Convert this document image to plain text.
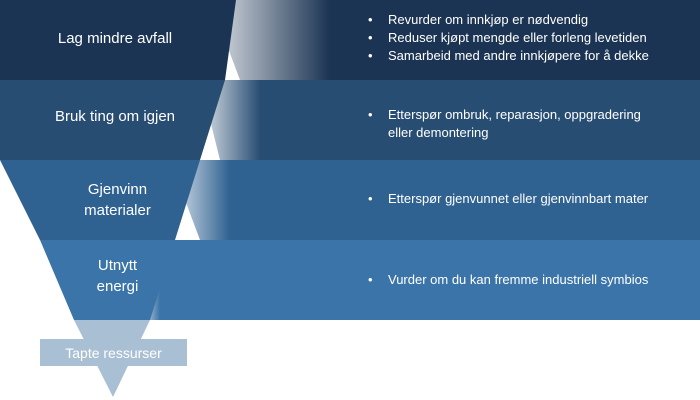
Lag mindre avfall
Bruk ting om igjen
Gjenvinn
materialer
Utnytt
energi
• Revurder om innkjøp er nødvendig
• Reduser kjøpt mengde eller forleng levetiden
• Samarbeid med andre innkjøpere for å dekke
• Etterspør ombruk, reparasjon, oppgradering
eller demontering
• Etterspør gjenvunnet eller gjenvinnbart mater
• Vurder om du kan fremme industriell symbios
Tapte ressurser
